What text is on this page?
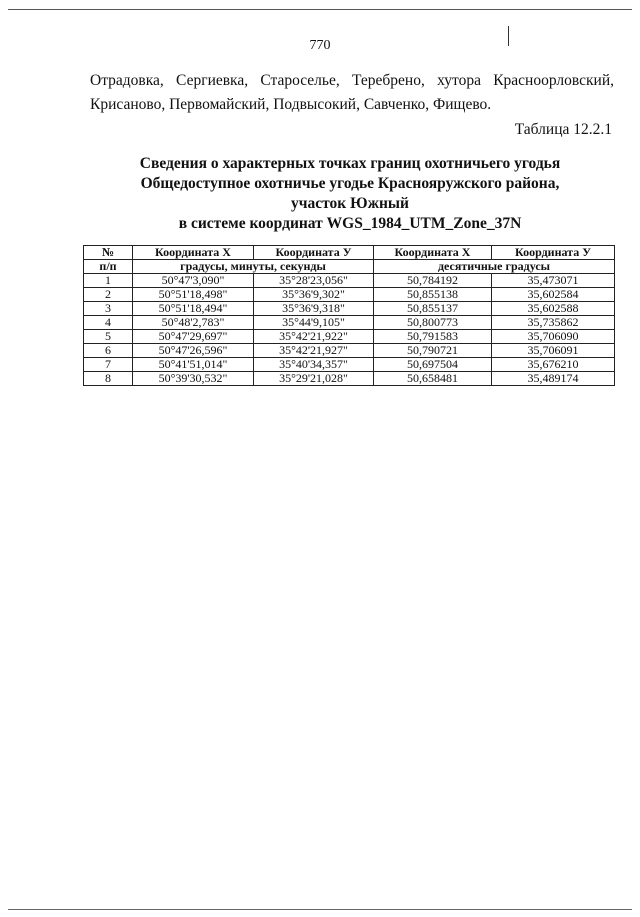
770
Отрадовка, Сергиевка, Староселье, Теребрено, хутора Красноорловский,
Крисаново, Первомайский, Подвысокий, Савченко, Фищево.
Таблица 12.2.1
Сведения о характерных точках границ охотничьего угодья
Общедоступное охотничье угодье Краснояружского района,
участок Южный
в системе координат WGS_1984_UTM_Zone_37N
№	Координата Х	Координата У	Координата Х	Координата У
п/п	градусы, минуты, секунды		десятичные градусы	
1	50°47'3,090"	35°28'23,056"	50,784192	35,473071
2	50°51'18,498"	35°36'9,302"	50,855138	35,602584
3	50°51'18,494"	35°36'9,318"	50,855137	35,602588
4	50°48'2,783"	35°44'9,105"	50,800773	35,735862
5	50°47'29,697"	35°42'21,922"	50,791583	35,706090
6	50°47'26,596"	35°42'21,927"	50,790721	35,706091
7	50°41'51,014"	35°40'34,357"	50,697504	35,676210
8	50°39'30,532"	35°29'21,028"	50,658481	35,489174
